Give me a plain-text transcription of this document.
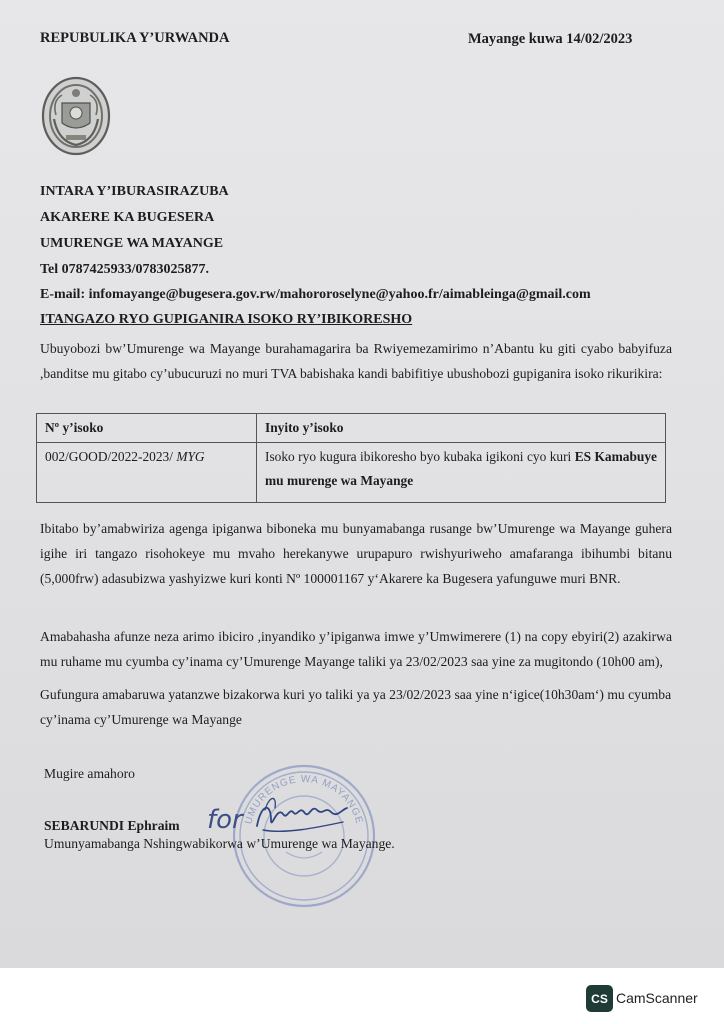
REPUBULIKA Y’URWANDA	Mayange kuwa 14/02/2023
INTARA Y’IBURASIRAZUBA
AKARERE KA BUGESERA
UMURENGE WA MAYANGE
Tel 0787425933/0783025877.
E-mail: infomayange@bugesera.gov.rw/mahororoselyne@yahoo.fr/aimableinga@gmail.com
ITANGAZO RYO GUPIGANIRA ISOKO RY’IBIKORESHO
Ubuyobozi bw’Umurenge wa Mayange burahamagarira ba Rwiyemezamirimo n’Abantu ku giti cyabo babyifuza ,banditse mu gitabo cy’ubucuruzi no muri TVA babishaka kandi babifitiye ubushobozi gupiganira isoko rikurikira:
Nº y’isoko	Inyito y’isoko
002/GOOD/2022-2023/ MYG	Isoko ryo kugura ibikoresho byo kubaka igikoni cyo kuri ES Kamabuye mu murenge wa Mayange
Ibitabo by’amabwiriza agenga ipiganwa biboneka mu bunyamabanga rusange bw’Umurenge wa Mayange guhera igihe iri tangazo risohokeye mu mvaho herekanywe urupapuro rwishyuriweho amafaranga ibihumbi bitanu (5,000frw) adasubizwa yashyizwe kuri konti Nº 100001167 y‘Akarere ka Bugesera yafunguwe muri BNR.
Amabahasha afunze neza arimo ibiciro ,inyandiko y’ipiganwa imwe y’Umwimerere (1) na copy ebyiri(2) azakirwa mu ruhame mu cyumba cy’inama cy’Umurenge Mayange taliki ya 23/02/2023 saa yine za mugitondo (10h00 am),
Gufungura amabaruwa yatanzwe bizakorwa kuri yo taliki ya ya 23/02/2023 saa yine n‘igice(10h30am‘) mu cyumba cy’inama cy’Umurenge wa Mayange
Mugire amahoro
UMURENGE WA MAYANGE
for
SEBARUNDI Ephraim
Umunyamabanga Nshingwabikorwa w’Umurenge wa Mayange.
CS CamScanner
